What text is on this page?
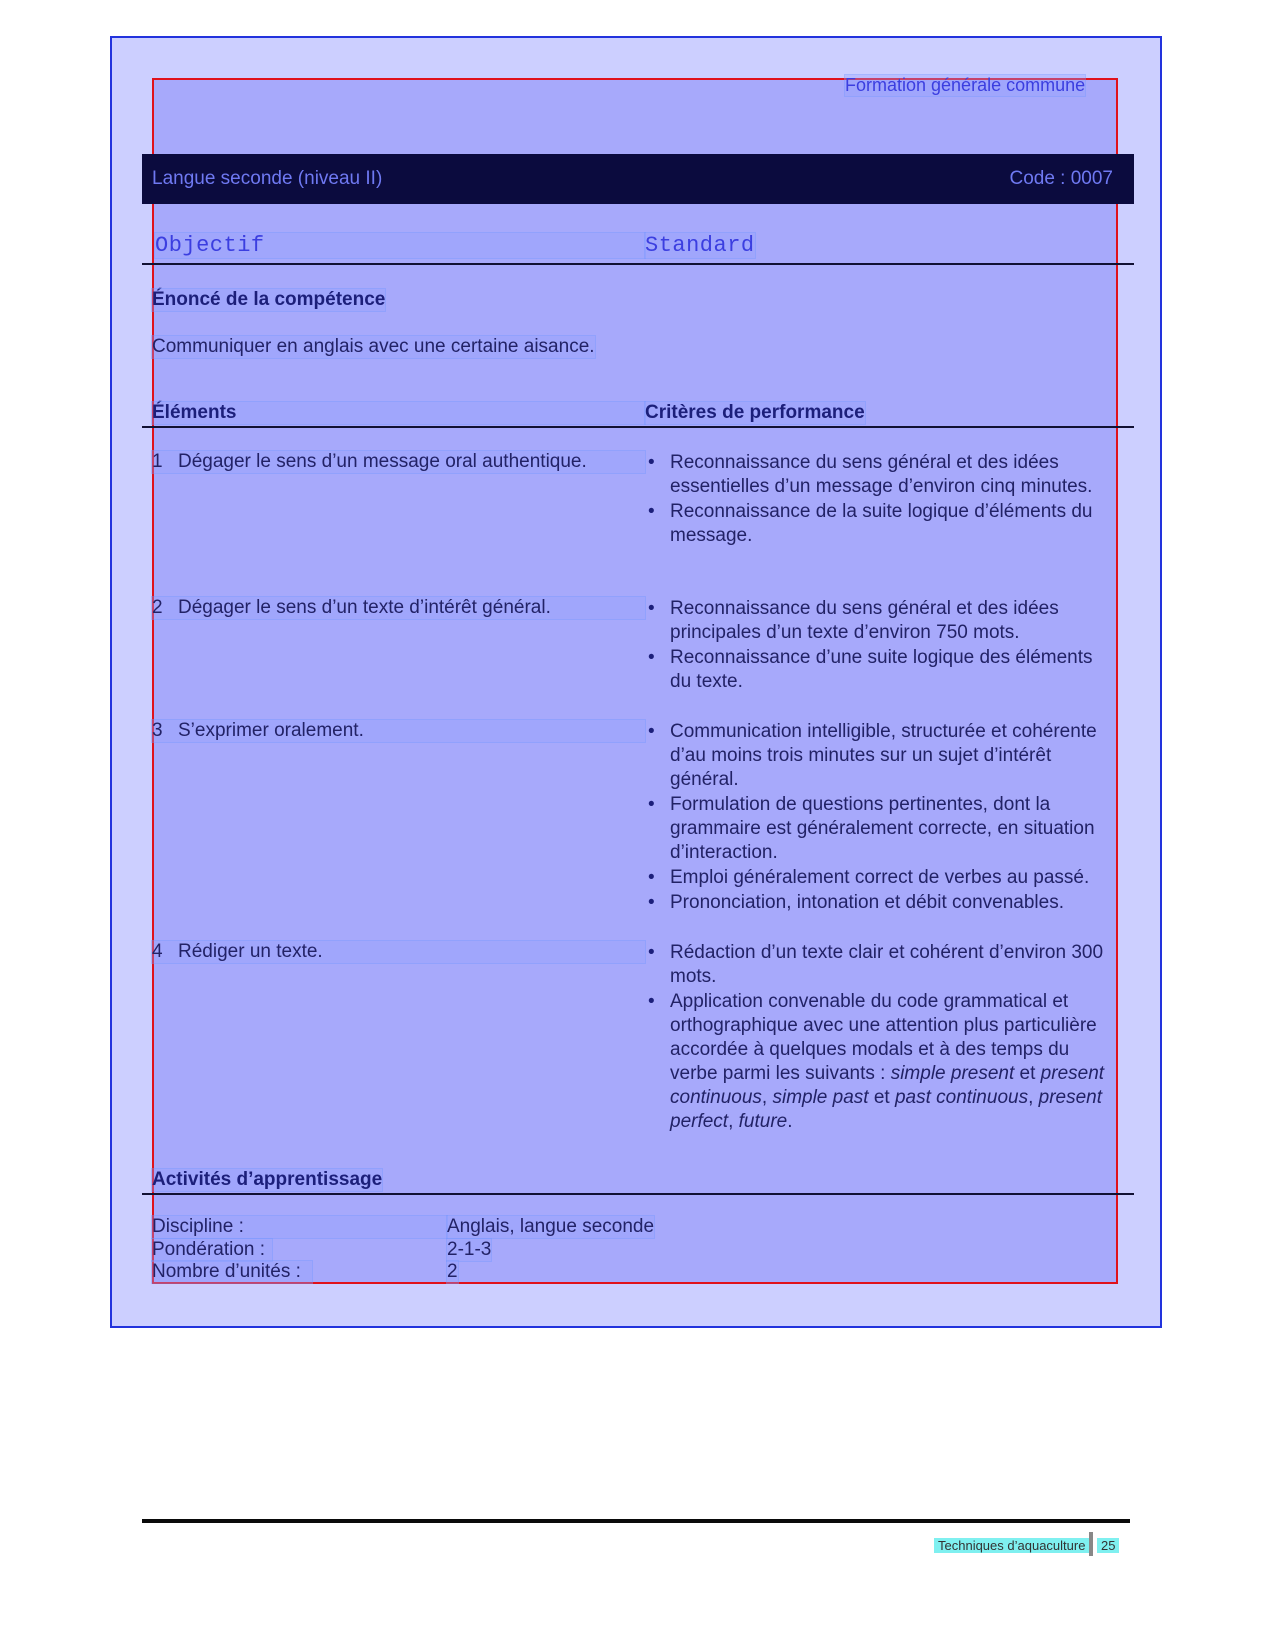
Formation générale commune
Langue seconde (niveau II)	Code : 0007
Objectif	Standard
Énoncé de la compétence
Communiquer en anglais avec une certaine aisance.
Éléments	Critères de performance
1 Dégager le sens d’un message oral authentique.	• Reconnaissance du sens général et des idées essentielles d’un message d’environ cinq minutes.
• Reconnaissance de la suite logique d’éléments du message.
2 Dégager le sens d’un texte d’intérêt général.	• Reconnaissance du sens général et des idées principales d’un texte d’environ 750 mots.
• Reconnaissance d’une suite logique des éléments du texte.
3 S’exprimer oralement.	• Communication intelligible, structurée et cohérente d’au moins trois minutes sur un sujet d’intérêt général.
• Formulation de questions pertinentes, dont la grammaire est généralement correcte, en situation d’interaction.
• Emploi généralement correct de verbes au passé.
• Prononciation, intonation et débit convenables.
4 Rédiger un texte.	• Rédaction d’un texte clair et cohérent d’environ 300 mots.
• Application convenable du code grammatical et orthographique avec une attention plus particulière accordée à quelques modals et à des temps du verbe parmi les suivants : simple present et present continuous, simple past et past continuous, present perfect, future.
Activités d’apprentissage
Discipline :	Anglais, langue seconde
Pondération :	2-1-3
Nombre d’unités :	2
Techniques d’aquaculture	25
